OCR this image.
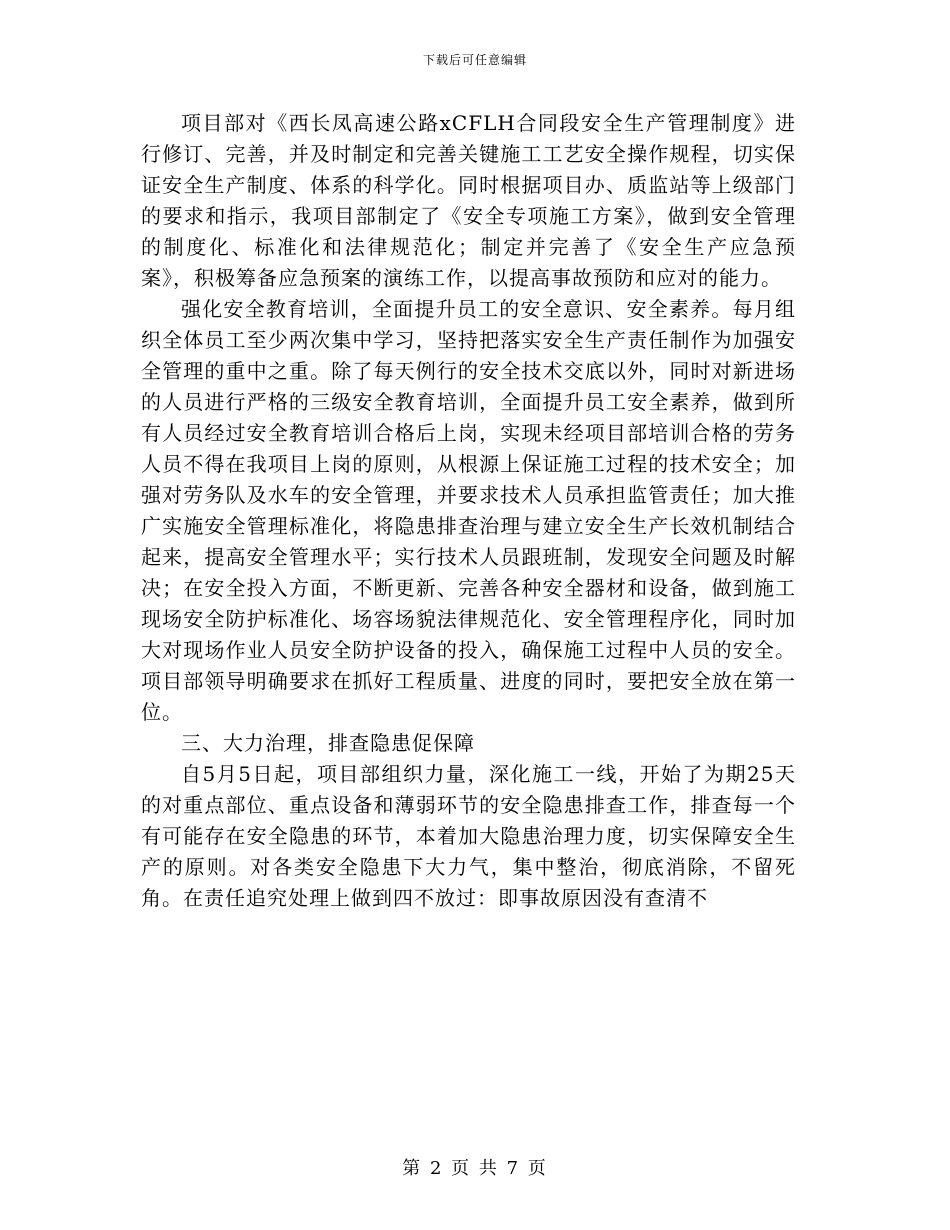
下载后可任意编辑

项目部对《西长凤高速公路xCFLH合同段安全生产管理制度》进行修订、完善，并及时制定和完善关键施工工艺安全操作规程，切实保证安全生产制度、体系的科学化。同时根据项目办、质监站等上级部门的要求和指示，我项目部制定了《安全专项施工方案》，做到安全管理的制度化、标准化和法律规范化；制定并完善了《安全生产应急预案》，积极筹备应急预案的演练工作，以提高事故预防和应对的能力。

强化安全教育培训，全面提升员工的安全意识、安全素养。每月组织全体员工至少两次集中学习，坚持把落实安全生产责任制作为加强安全管理的重中之重。除了每天例行的安全技术交底以外，同时对新进场的人员进行严格的三级安全教育培训，全面提升员工安全素养，做到所有人员经过安全教育培训合格后上岗，实现未经项目部培训合格的劳务人员不得在我项目上岗的原则，从根源上保证施工过程的技术安全；加强对劳务队及水车的安全管理，并要求技术人员承担监管责任；加大推广实施安全管理标准化，将隐患排查治理与建立安全生产长效机制结合起来，提高安全管理水平；实行技术人员跟班制，发现安全问题及时解决；在安全投入方面，不断更新、完善各种安全器材和设备，做到施工现场安全防护标准化、场容场貌法律规范化、安全管理程序化，同时加大对现场作业人员安全防护设备的投入，确保施工过程中人员的安全。项目部领导明确要求在抓好工程质量、进度的同时，要把安全放在第一位。

三、大力治理，排查隐患促保障

自5月5日起，项目部组织力量，深化施工一线，开始了为期25天的对重点部位、重点设备和薄弱环节的安全隐患排查工作，排查每一个有可能存在安全隐患的环节，本着加大隐患治理力度，切实保障安全生产的原则。对各类安全隐患下大力气，集中整治，彻底消除，不留死角。在责任追究处理上做到四不放过：即事故原因没有查清不

第 2 页 共 7 页
